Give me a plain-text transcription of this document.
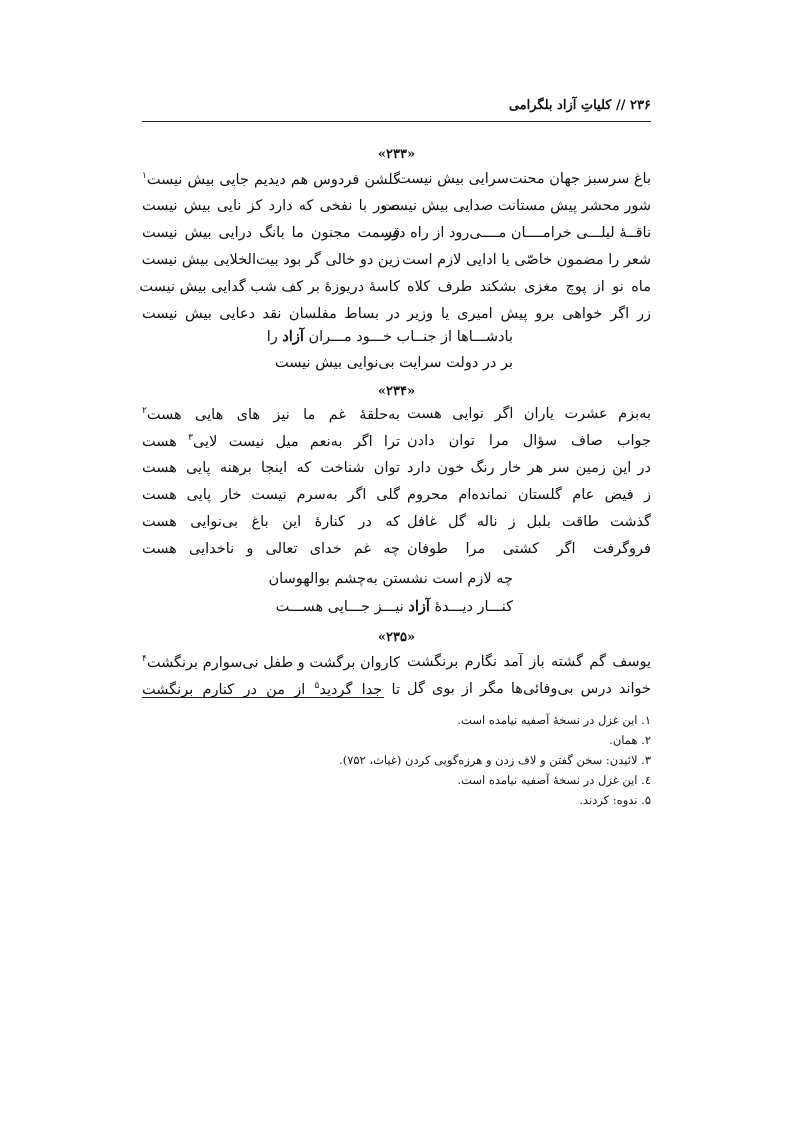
۲۳۶ // کلیاتِ آزاد بلگرامی
«۲۳۳»
باغ سرسبز جهان محنت‌سرایی بیش نیست
گلشن فردوس هم دیدیم جایی بیش نیست$^۱$
شور محشر پیش مستانت صدایی بیش نیست
صور با نفخی که دارد کز نایی بیش نیست
ناقــهٔ لیلـــی خرامــــان مــــی‌رود از راه دور
قسمت مجنون ما بانگ درایی بیش نیست
شعر را مضمون خاصّی یا ادایی لازم است
زین دو خالی گر بود بیت‌الخلایی بیش نیست
ماه نو از پوچ مغزی بشکند طرف کلاه
کاسهٔ دریوزهٔ بر کف شب گدایی بیش نیست
زر اگر خواهی برو پیش امیری یا وزیر
در بساط مفلسان نقد دعایی بیش نیست
بادشـــاها از جنــاب خـــود مـــران آزاد را
بر در دولت سرایت بی‌نوایی بیش نیست
«۲۳۴»
به‌بزم عشرت یاران اگر نوایی هست
به‌حلقهٔ غم ما نیز های هایی هست$^۲$
جواب صاف سؤال مرا توان دادن
ترا اگر به‌نعم میل نیست لایی$^۳$ هست
در این زمین سر هر خار رنگ خون دارد
توان شناخت که اینجا برهنه پایی هست
ز فیض عام گلستان نمانده‌ام محروم
گلی اگر به‌سرم نیست خار پایی هست
گذشت طاقت بلبل ز ناله گل غافل
که در کنارهٔ این باغ بی‌نوایی هست
فروگرفت اگر کشتی مرا طوفان
چه غم خدای تعالی و ناخدایی هست
چه لازم است نشستن به‌چشم بوالهوسان
کنـــار دیـــدهٔ آزاد نیـــز جـــایی هســـت
«۲۳۵»
یوسف گم گشته باز آمد نگارم برنگشت
کاروان برگشت و طفل نی‌سوارم برنگشت$^۴$
خواند درس بی‌وفائی‌ها مگر از بوی گل
تا جدا گردید$^۵$ از من در کنارم برنگشت
۱. این غزل در نسخهٔ آصفیه نیامده است.
۲. همان.
۳. لائیدن: سخن گفتن و لاف زدن و هرزه‌گویی کردن (غیاث، ۷۵۲).
٤. این غزل در نسخهٔ آصفیه نیامده است.
۵. ندوه: کردند.
